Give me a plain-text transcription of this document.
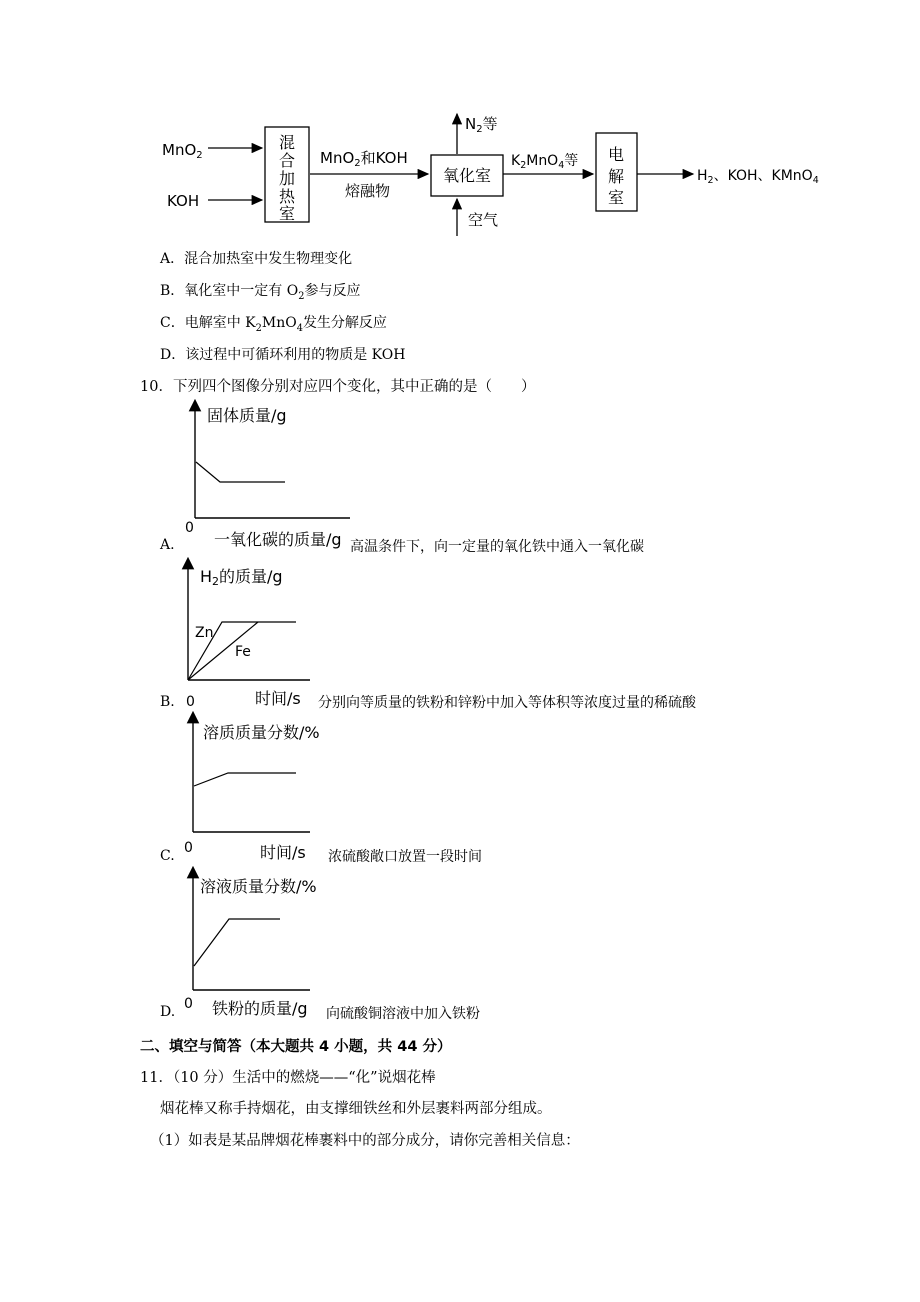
MnO$_2$
KOH
混
合
加
热
室
MnO$_2$和KOH
熔融物
氧化室
$N_2$等
空气
$K_2MnO_4$等 电
解
室
$H_2$、KOH、KMnO$_4$
A．混合加热室中发生物理变化
B．氧化室中一定有 $O_2$参与反应
C．电解室中 $K_2MnO_4$发生分解反应
D．该过程中可循环利用的物质是 KOH
10．下列四个图像分别对应四个变化，其中正确的是（　　）
固体质量/g
0
一氧化碳的质量/g
H2的质量/g
0
Zn
Fe
时间/s
溶质质量分数/%
0	时间/s
溶液质量分数/%
0 铁粉的质量/g
A.	高温条件下，向一定量的氧化铁中通入一氧化碳
B.	分别向等质量的铁粉和锌粉中加入等体积等浓度过量的稀硫酸
C.	浓硫酸敞口放置一段时间
D.	向硫酸铜溶液中加入铁粉
二、填空与简答（本大题共 4 小题，共 44 分）
11．（10 分）生活中的燃烧——“化”说烟花棒
烟花棒又称手持烟花，由支撑细铁丝和外层裹料两部分组成。
（1）如表是某品牌烟花棒裹料中的部分成分，请你完善相关信息：
